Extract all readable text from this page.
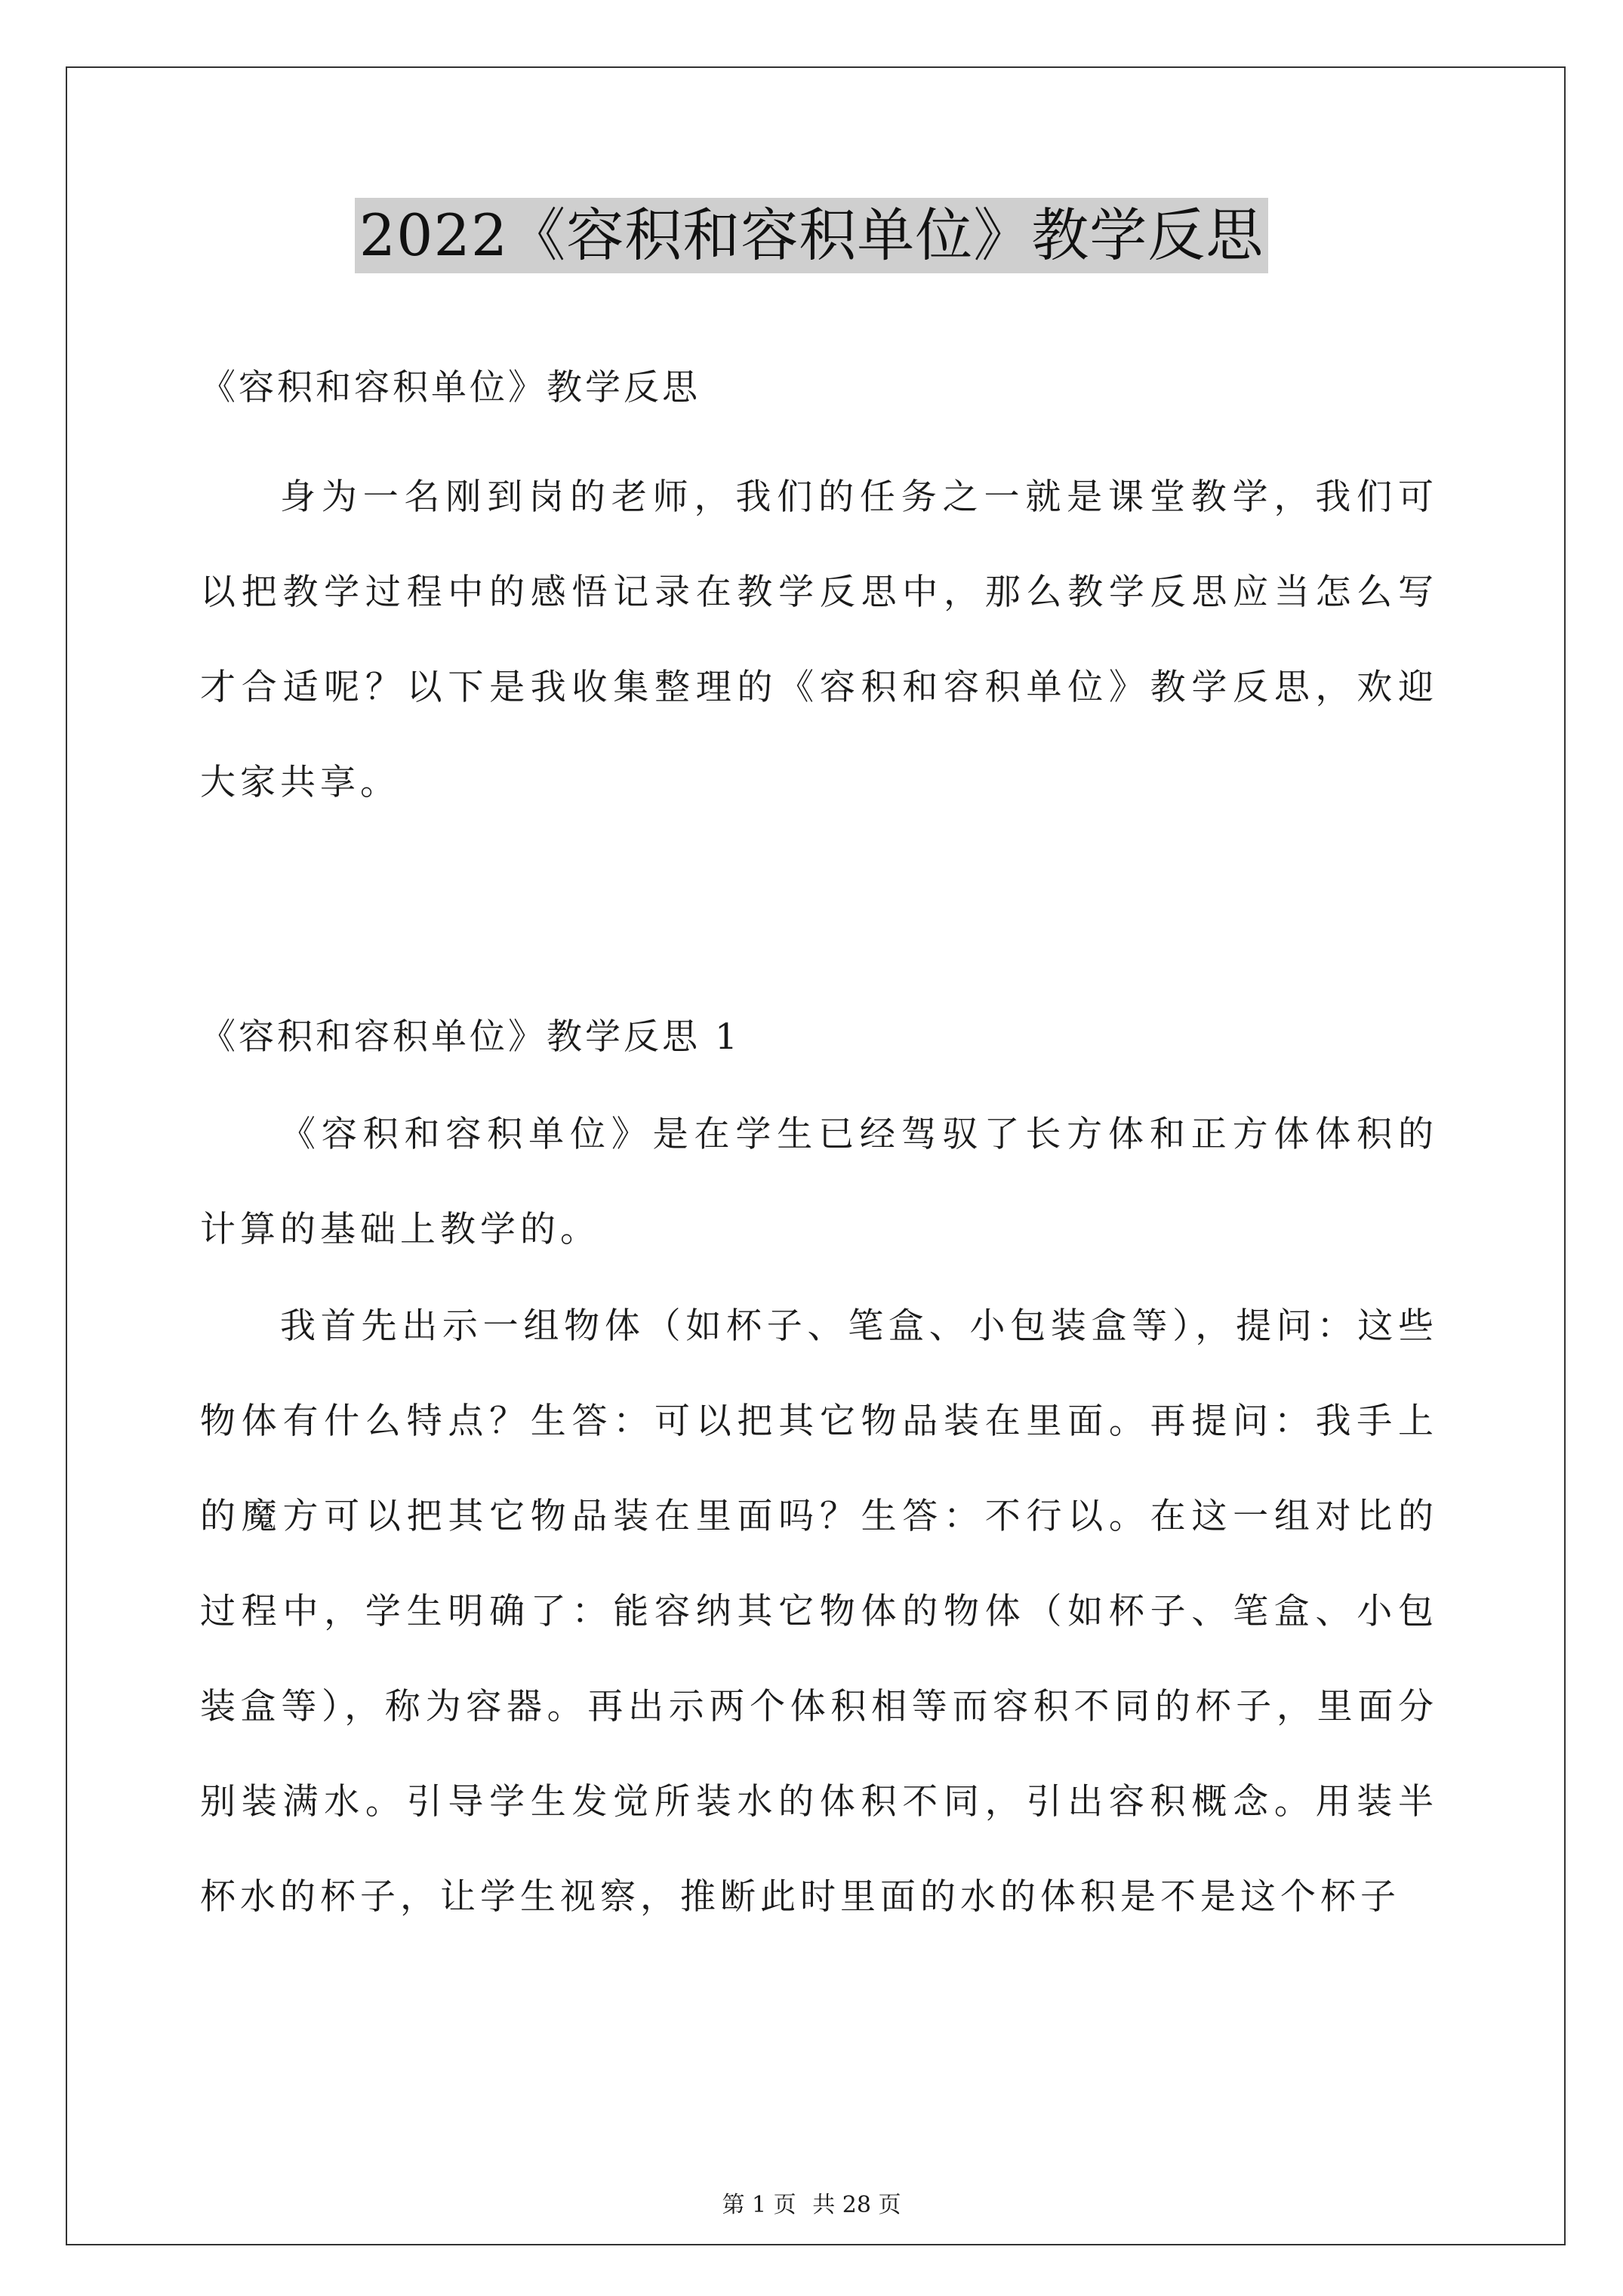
2022《容积和容积单位》教学反思
《容积和容积单位》教学反思

身为一名刚到岗的老师，我们的任务之一就是课堂教学，我们可以把教学过程中的感悟记录在教学反思中，那么教学反思应当怎么写才合适呢？以下是我收集整理的《容积和容积单位》教学反思，欢迎大家共享。

《容积和容积单位》教学反思 1

《容积和容积单位》是在学生已经驾驭了长方体和正方体体积的计算的基础上教学的。

我首先出示一组物体（如杯子、笔盒、小包装盒等），提问：这些物体有什么特点？生答：可以把其它物品装在里面。再提问：我手上的魔方可以把其它物品装在里面吗？生答：不行以。在这一组对比的过程中，学生明确了：能容纳其它物体的物体（如杯子、笔盒、小包装盒等），称为容器。再出示两个体积相等而容积不同的杯子，里面分别装满水。引导学生发觉所装水的体积不同，引出容积概念。用装半杯水的杯子，让学生视察，推断此时里面的水的体积是不是这个杯子

第 1 页 共 28 页
